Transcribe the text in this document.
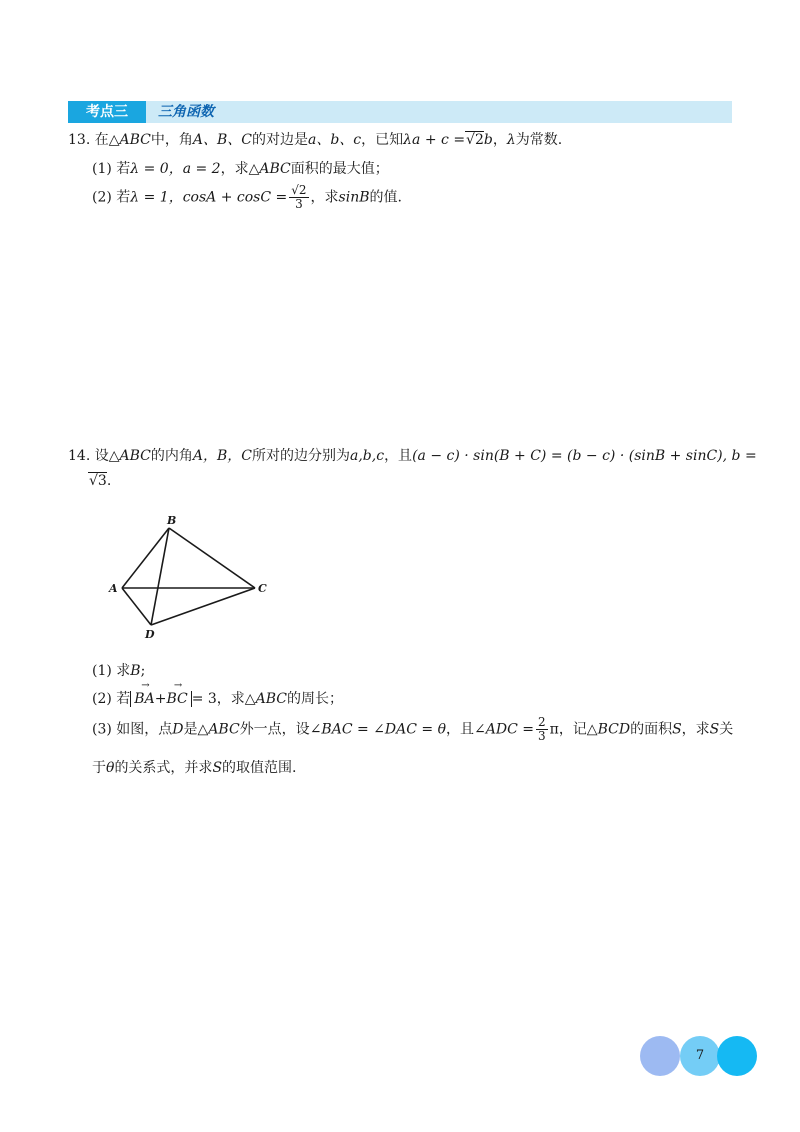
考点三	三角函数
13. 在△ABC中，角A、B、C的对边是a、b、c，已知λa + c =√2b，λ为常数.
(1) 若λ = 0，a = 2，求△ABC面积的最大值；
(2) 若λ = 1，$\cos A + \cos C = \frac{√2}{3}$ ，求sinB的值.
14. 设△ABC的内角A，B，C所对的边分别为a,b,c，且(a − c) · sin(B + C) = (b − c) · (sinB + sinC), b =
√3.
B
A	C
D
(1) 求B;
(2) 若→ BA+→ BC = 3，求△ABC的周长；
(3) 如图，点D是△ABC外一点，设∠BAC = ∠DAC = θ，且∠ADC = $\frac{2}{3}$ π，记△BCD的面积S，求S关
于θ的关系式，并求S的取值范围.
7
